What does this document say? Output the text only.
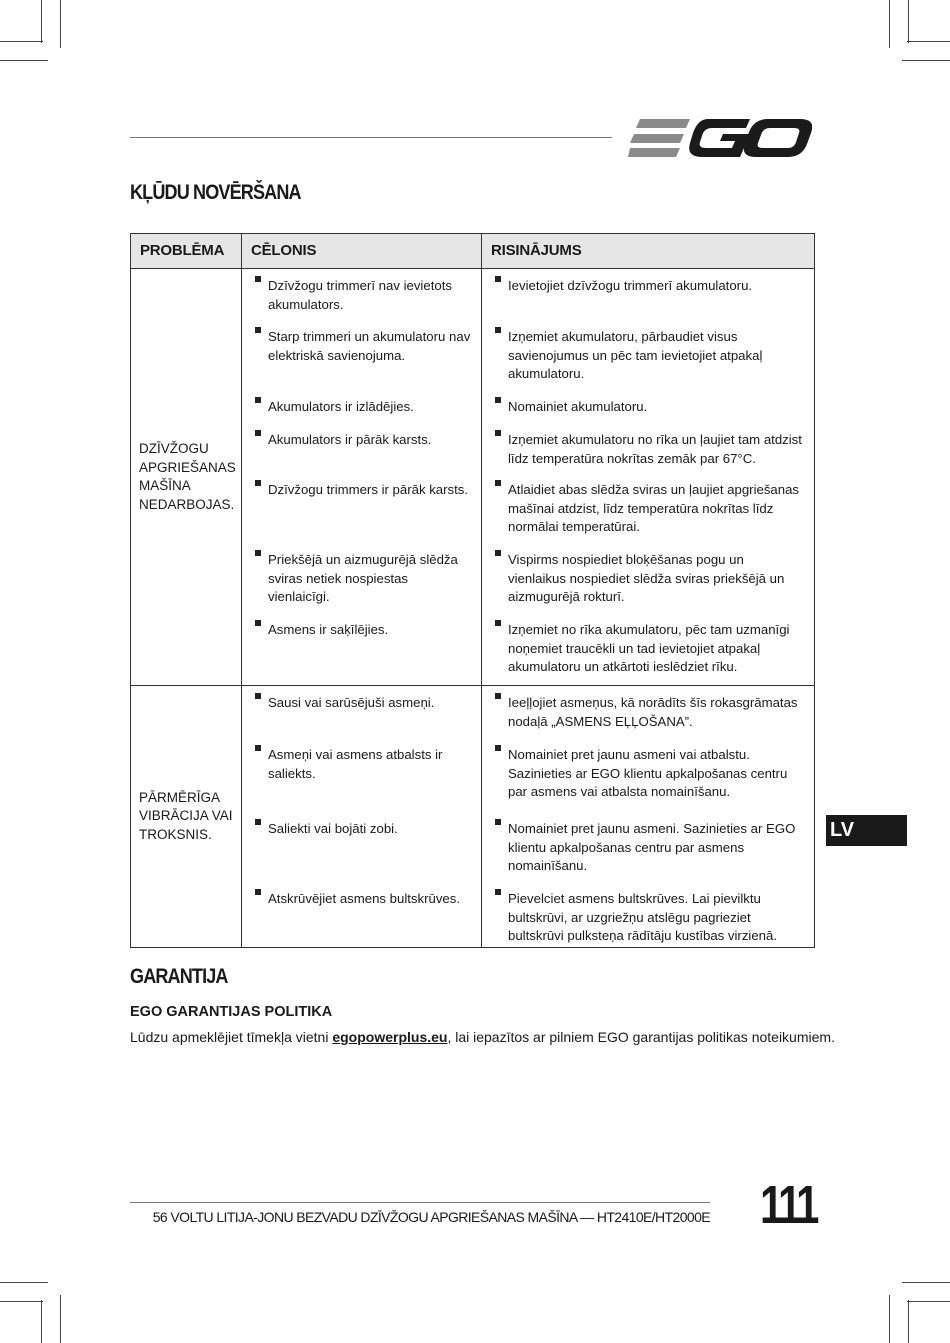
KĻŪDU NOVĒRŠANA
PROBLĒMA	CĒLONIS	RISINĀJUMS
DZĪVŽOGU APGRIEŠANAS MAŠĪNA NEDARBOJAS.	Dzīvžogu trimmerī nav ievietots akumulators.	Ievietojiet dzīvžogu trimmerī akumulatoru.

	Starp trimmeri un akumulatoru nav elektriskā savienojuma.	Izņemiet akumulatoru, pārbaudiet visus savienojumus un pēc tam ievietojiet atpakaļ akumulatoru.

	Akumulators ir izlādējies.	Nomainiet akumulatoru.

	Akumulators ir pārāk karsts.	Izņemiet akumulatoru no rīka un ļaujiet tam atdzist līdz temperatūra nokrītas zemāk par 67°C.

	Dzīvžogu trimmers ir pārāk karsts.	Atlaidiet abas slēdža sviras un ļaujiet apgriešanas mašīnai atdzist, līdz temperatūra nokrītas līdz normālai temperatūrai.

	Priekšējā un aizmugurējā slēdža sviras netiek nospiestas vienlaicīgi.	Vispirms nospiediet bloķēšanas pogu un vienlaikus nospiediet slēdža sviras priekšējā un aizmugurējā rokturī.

	Asmens ir saķīlējies.	Izņemiet no rīka akumulatoru, pēc tam uzmanīgi noņemiet traucēkli un tad ievietojiet atpakaļ akumulatoru un atkārtoti ieslēdziet rīku.

PĀRMĒRĪGA VIBRĀCIJA VAI TROKSNIS.	Sausi vai sarūsējuši asmeņi.	Ieeļļojiet asmeņus, kā norādīts šīs rokasgrāmatas nodaļā „ASMENS EĻĻOŠANA”.

	Asmeņi vai asmens atbalsts ir saliekts.	Nomainiet pret jaunu asmeni vai atbalstu. Sazinieties ar EGO klientu apkalpošanas centru par asmens vai atbalsta nomainīšanu.

	Saliekti vai bojāti zobi.	Nomainiet pret jaunu asmeni. Sazinieties ar EGO klientu apkalpošanas centru par asmens nomainīšanu.

	Atskrūvējiet asmens bultskrūves.	Pievelciet asmens bultskrūves. Lai pievilktu bultskrūvi, ar uzgriežņu atslēgu pagrieziet bultskrūvi pulksteņa rādītāju kustības virzienā.
GARANTIJA
EGO GARANTIJAS POLITIKA

Lūdzu apmeklējiet tīmekļa vietni egopowerplus.eu, lai iepazītos ar pilniem EGO garantijas politikas noteikumiem.

LV

56 VOLTU LITIJA-JONU BEZVADU DZĪVŽOGU APGRIEŠANAS MAŠĪNA — HT2410E/HT2000E 111
